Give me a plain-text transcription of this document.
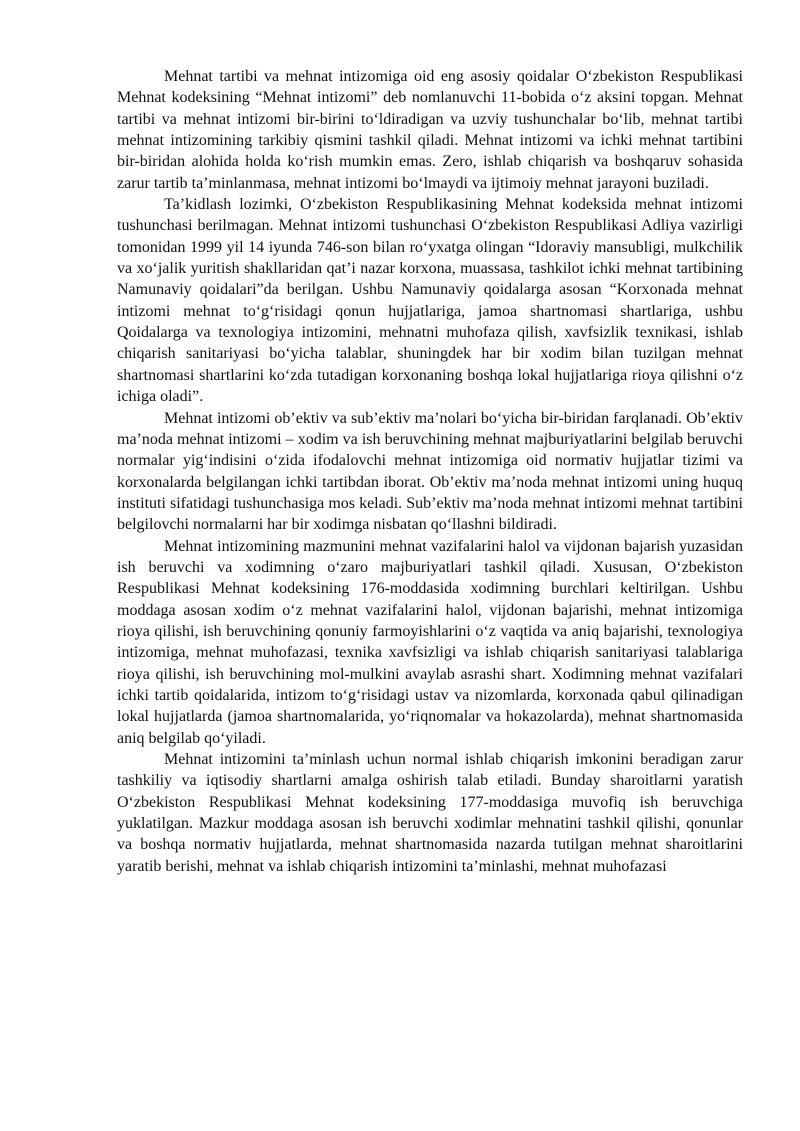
Mehnat tartibi va mehnat intizomiga oid eng asosiy qoidalar O‘zbekiston Respublikasi Mehnat kodeksining “Mehnat intizomi” deb nomlanuvchi 11-bobida o‘z aksini topgan. Mehnat tartibi va mehnat intizomi bir-birini to‘ldiradigan va uzviy tushunchalar bo‘lib, mehnat tartibi mehnat intizomining tarkibiy qismini tashkil qiladi. Mehnat intizomi va ichki mehnat tartibini bir-biridan alohida holda ko‘rish mumkin emas. Zero, ishlab chiqarish va boshqaruv sohasida zarur tartib ta’minlanmasa, mehnat intizomi bo‘lmaydi va ijtimoiy mehnat jarayoni buziladi.

Ta’kidlash lozimki, O‘zbekiston Respublikasining Mehnat kodeksida mehnat intizomi tushunchasi berilmagan. Mehnat intizomi tushunchasi O‘zbekiston Respublikasi Adliya vazirligi tomonidan 1999 yil 14 iyunda 746-son bilan ro‘yxatga olingan “Idoraviy mansubligi, mulkchilik va xo‘jalik yuritish shakllaridan qat’i nazar korxona, muassasa, tashkilot ichki mehnat tartibining Namunaviy qoidalari”da berilgan. Ushbu Namunaviy qoidalarga asosan “Korxonada mehnat intizomi mehnat to‘g‘risidagi qonun hujjatlariga, jamoa shartnomasi shartlariga, ushbu Qoidalarga va texnologiya intizomini, mehnatni muhofaza qilish, xavfsizlik texnikasi, ishlab chiqarish sanitariyasi bo‘yicha talablar, shuningdek har bir xodim bilan tuzilgan mehnat shartnomasi shartlarini ko‘zda tutadigan korxonaning boshqa lokal hujjatlariga rioya qilishni o‘z ichiga oladi”.

Mehnat intizomi ob’ektiv va sub’ektiv ma’nolari bo‘yicha bir-biridan farqlanadi. Ob’ektiv ma’noda mehnat intizomi – xodim va ish beruvchining mehnat majburiyatlarini belgilab beruvchi normalar yig‘indisini o‘zida ifodalovchi mehnat intizomiga oid normativ hujjatlar tizimi va korxonalarda belgilangan ichki tartibdan iborat. Ob’ektiv ma’noda mehnat intizomi uning huquq instituti sifatidagi tushunchasiga mos keladi. Sub’ektiv ma’noda mehnat intizomi mehnat tartibini belgilovchi normalarni har bir xodimga nisbatan qo‘llashni bildiradi.

Mehnat intizomining mazmunini mehnat vazifalarini halol va vijdonan bajarish yuzasidan ish beruvchi va xodimning o‘zaro majburiyatlari tashkil qiladi. Xususan, O‘zbekiston Respublikasi Mehnat kodeksining 176-moddasida xodimning burchlari keltirilgan. Ushbu moddaga asosan xodim o‘z mehnat vazifalarini halol, vijdonan bajarishi, mehnat intizomiga rioya qilishi, ish beruvchining qonuniy farmoyishlarini o‘z vaqtida va aniq bajarishi, texnologiya intizomiga, mehnat muhofazasi, texnika xavfsizligi va ishlab chiqarish sanitariyasi talablariga rioya qilishi, ish beruvchining mol-mulkini avaylab asrashi shart. Xodimning mehnat vazifalari ichki tartib qoidalarida, intizom to‘g‘risidagi ustav va nizomlarda, korxonada qabul qilinadigan lokal hujjatlarda (jamoa shartnomalarida, yo‘riqnomalar va hokazolarda), mehnat shartnomasida aniq belgilab qo‘yiladi.

Mehnat intizomini ta’minlash uchun normal ishlab chiqarish imkonini beradigan zarur tashkiliy va iqtisodiy shartlarni amalga oshirish talab etiladi. Bunday sharoitlarni yaratish O‘zbekiston Respublikasi Mehnat kodeksining 177-moddasiga muvofiq ish beruvchiga yuklatilgan. Mazkur moddaga asosan ish beruvchi xodimlar mehnatini tashkil qilishi, qonunlar va boshqa normativ hujjatlarda, mehnat shartnomasida nazarda tutilgan mehnat sharoitlarini yaratib berishi, mehnat va ishlab chiqarish intizomini ta’minlashi, mehnat muhofazasi
